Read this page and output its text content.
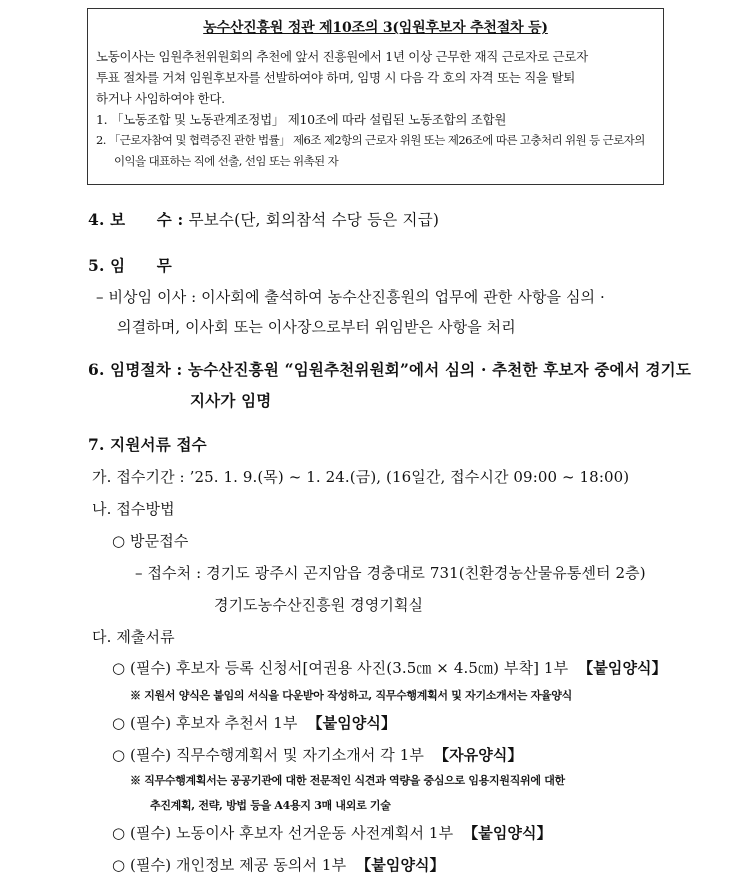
농수산진흥원 정관 제10조의 3(임원후보자 추천절차 등)

노동이사는 임원추천위원회의 추천에 앞서 진흥원에서 1년 이상 근무한 재직 근로자로 근로자

투표 절차를 거쳐 임원후보자를 선발하여야 하며, 임명 시 다음 각 호의 자격 또는 직을 탈퇴

하거나 사임하여야 한다.

1. 「노동조합 및 노동관계조정법」 제10조에 따라 설립된 노동조합의 조합원

2. 「근로자참여 및 협력증진 관한 법률」 제6조 제2항의 근로자 위원 또는 제26조에 따른 고충처리 위원 등 근로자의 이익을 대표하는 직에 선출, 선임 또는 위촉된 자

4. 보　　수 : 무보수(단, 회의참석 수당 등은 지급)
5. 임　　무
– 비상임 이사 : 이사회에 출석하여 농수산진흥원의 업무에 관한 사항을 심의 ·
의결하며, 이사회 또는 이사장으로부터 위임받은 사항을 처리
6. 임명절차 : 농수산진흥원 “임원추천위원회”에서 심의 · 추천한 후보자 중에서 경기도
지사가 임명
7. 지원서류 접수
가. 접수기간 : ’25. 1. 9.(목) ~ 1. 24.(금), (16일간, 접수시간 09:00 ~ 18:00)
나. 접수방법
○ 방문접수
– 접수처 : 경기도 광주시 곤지암읍 경충대로 731(친환경농산물유통센터 2층)
경기도농수산진흥원 경영기획실
다. 제출서류
○ (필수) 후보자 등록 신청서[여권용 사진(3.5㎝ × 4.5㎝) 부착] 1부 【붙임양식】
※ 지원서 양식은 붙임의 서식을 다운받아 작성하고, 직무수행계획서 및 자기소개서는 자율양식
○ (필수) 후보자 추천서 1부 【붙임양식】
○ (필수) 직무수행계획서 및 자기소개서 각 1부 【자유양식】
※ 직무수행계획서는 공공기관에 대한 전문적인 식견과 역량을 중심으로 임용지원직위에 대한
추진계획, 전략, 방법 등을 A4용지 3매 내외로 기술
○ (필수) 노동이사 후보자 선거운동 사전계획서 1부 【붙임양식】
○ (필수) 개인정보 제공 동의서 1부 【붙임양식】
